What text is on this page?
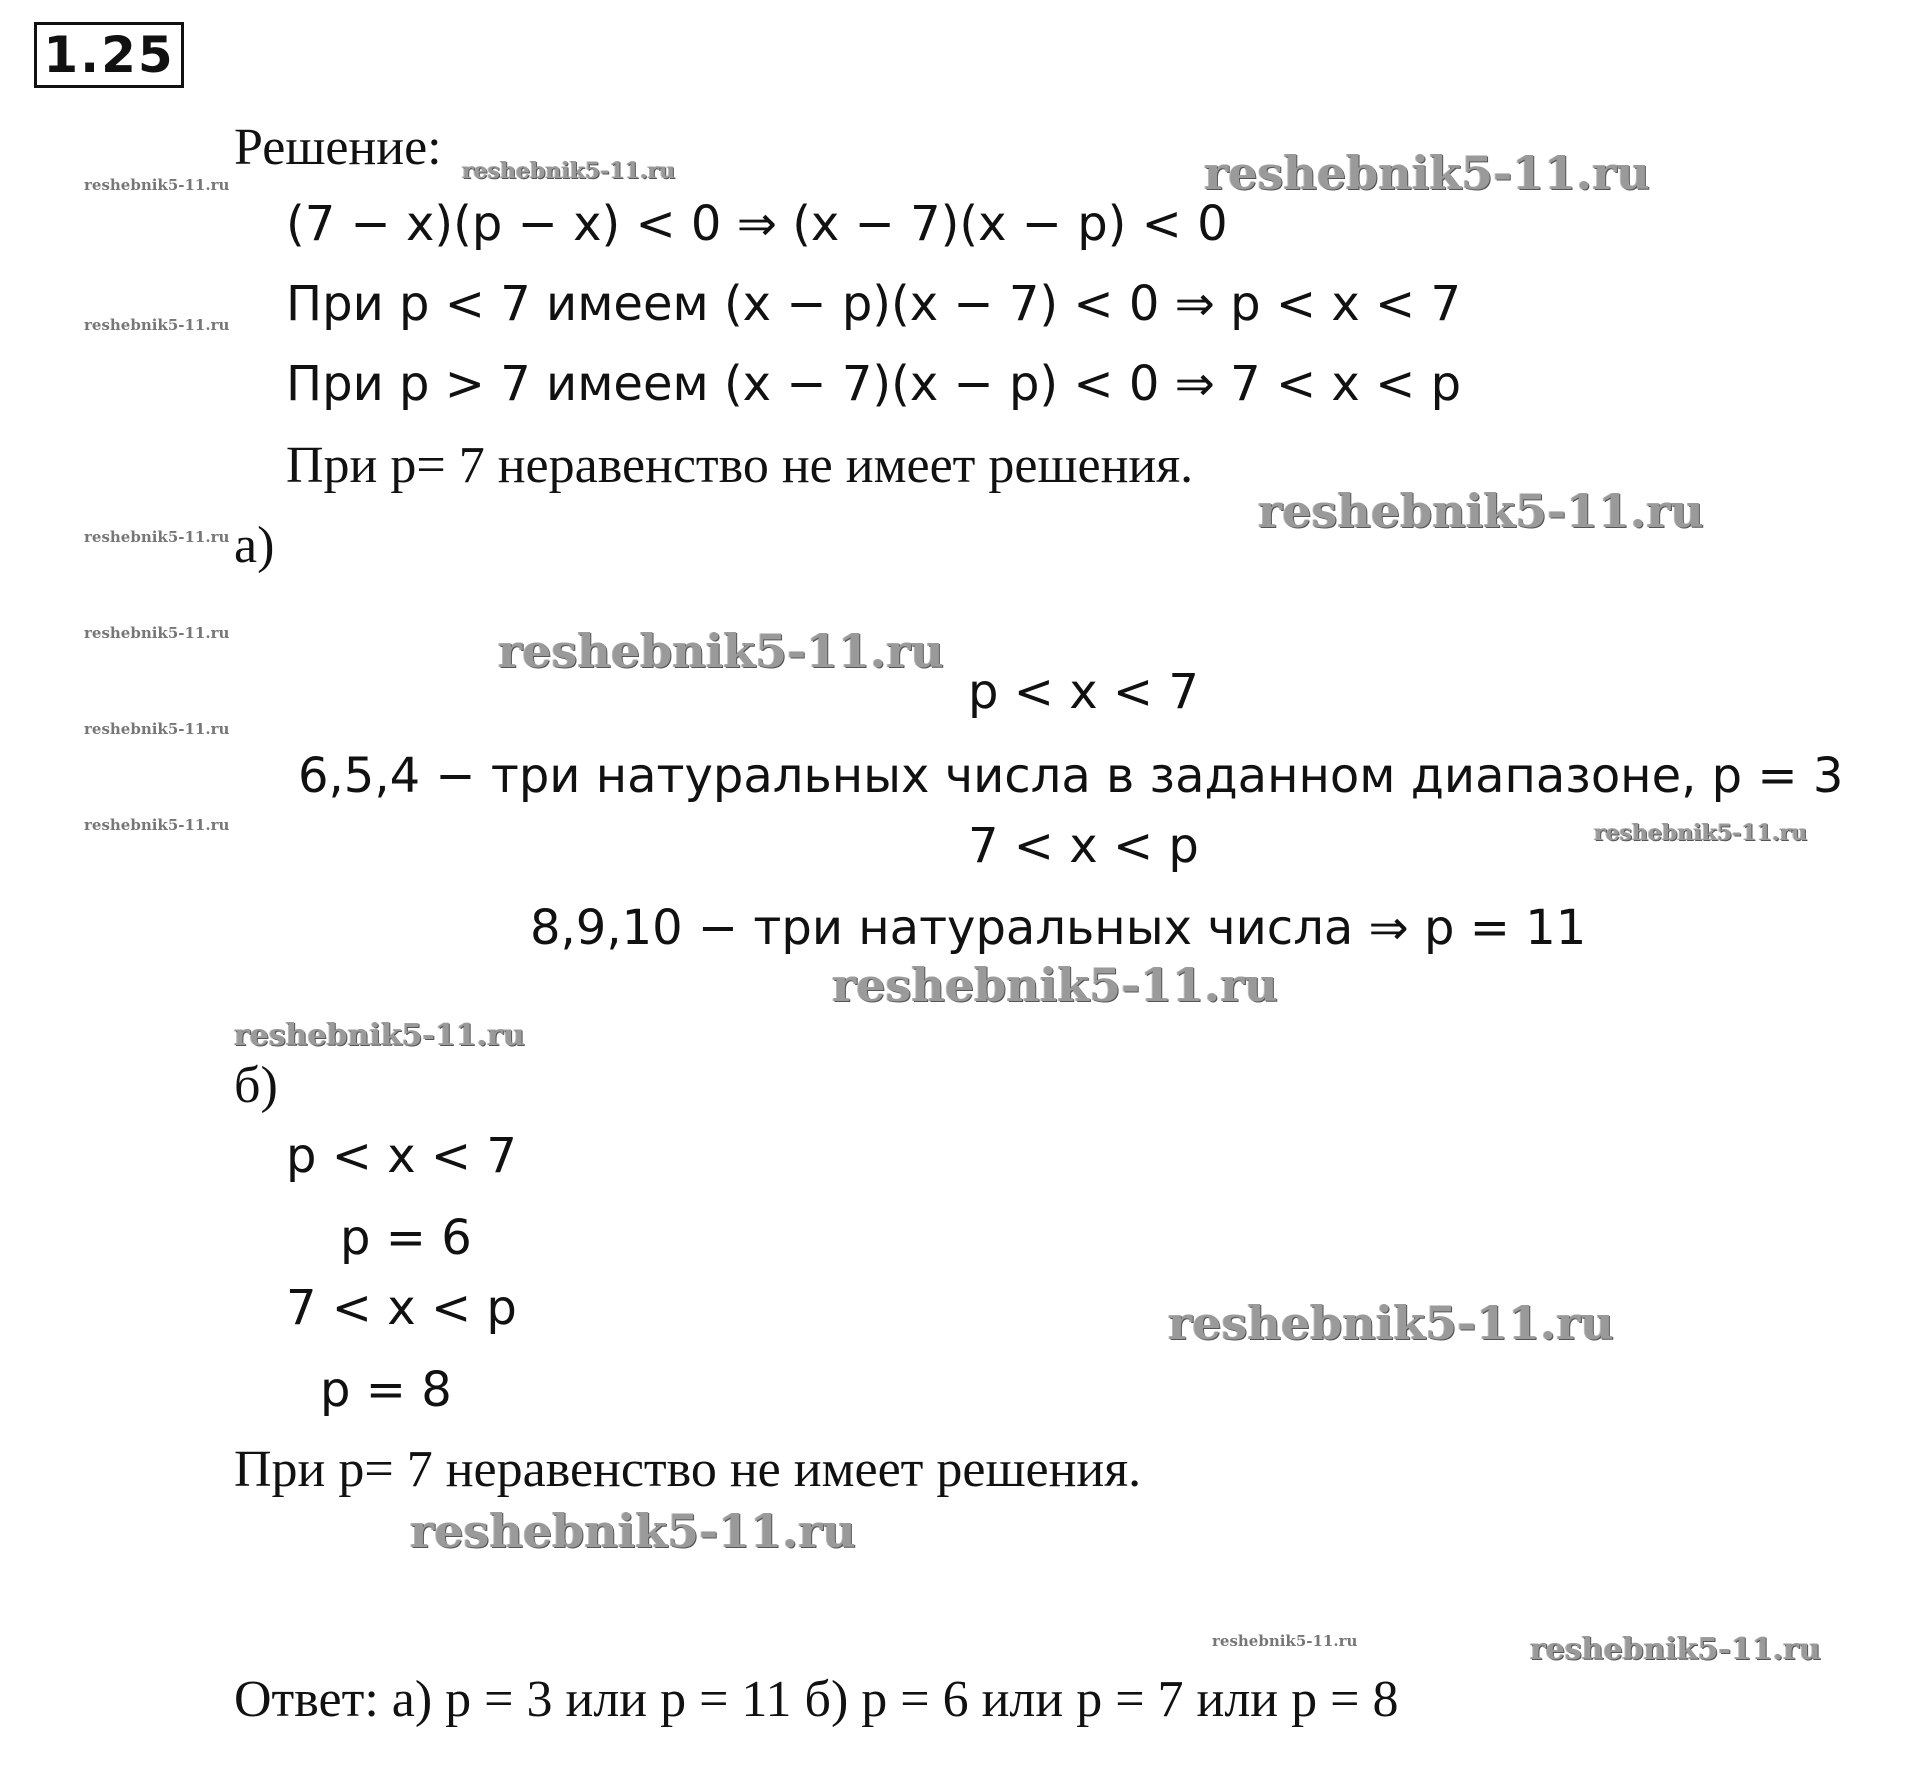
1.25
Решение:
(7 − x)(p − x) < 0 ⇒ (x − 7)(x − p) < 0
При p < 7 имеем (x − p)(x − 7) < 0 ⇒ p < x < 7
При p > 7 имеем (x − 7)(x − p) < 0 ⇒ 7 < x < p
При p= 7 неравенство не имеет решения.
а)
p < x < 7
6,5,4 − три натуральных числа в заданном диапазоне, p = 3
7 < x < p
8,9,10 − три натуральных числа ⇒ p = 11
б)
p < x < 7
p = 6
7 < x < p
p = 8
При p= 7 неравенство не имеет решения.
Ответ: а) p = 3 или p = 11 б) p = 6 или p = 7 или p = 8
reshebnik5-11.ru	reshebnik5-11.ru
reshebnik5-11.ru
reshebnik5-11.ru
reshebnik5-11.ru
reshebnik5-11.ru
reshebnik5-11.ru	reshebnik5-11.ru
reshebnik5-11.ru
reshebnik5-11.ru	reshebnik5-11.ru
reshebnik5-11.ru
reshebnik5-11.ru
reshebnik5-11.ru
reshebnik5-11.ru
reshebnik5-11.ru	reshebnik5-11.ru
